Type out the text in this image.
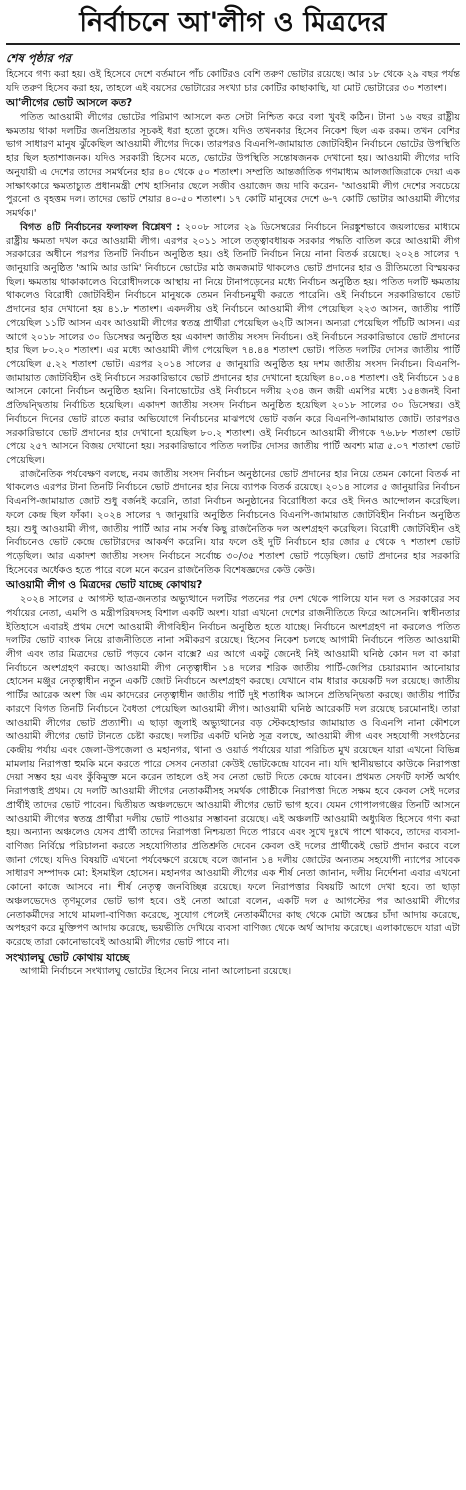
নির্বাচনে আ'লীগ ও মিত্রদের
শেষ পৃষ্ঠার পর

হিসেবে গণ্য করা হয়। ওই হিসেবে দেশে বর্তমানে পাঁচ কোটিরও বেশি তরুণ ভোটার রয়েছে। আর ১৮ থেকে ২৯ বছর পর্যন্ত যদি তরুণ হিসেব করা হয়, তাহলে এই বয়সের ভোটারের সংখ্যা চার কোটির কাছাকাছি, যা মোট ভোটারের ৩০ শতাংশ।

আ'লীগের ভোট আসলে কত?

পতিত আওয়ামী লীগের ভোটের পরিমাণ আসলে কত সেটা নিশ্চিত করে বলা খুবই কঠিন। টানা ১৬ বছর রাষ্ট্রীয় ক্ষমতায় থাকা দলটির জনপ্রিয়তার সূচকই ধরা হতো তুঙ্গে। যদিও তখনকার হিসেব নিকেশ ছিল এক রকম। তখন বেশির ভাগ সাধারণ মানুষ ঝুঁকেছিল আওয়ামী লীগের দিকে। তারপরও বিএনপি-জামায়াত জোটবিহীন নির্বাচনে ভোটের উপস্থিতি হার ছিল হতাশাজনক। যদিও সরকারী হিসেব মতে, ভোটের উপস্থিতি সন্তোষজনক দেখানো হয়। আওয়ামী লীগের দাবি অনুযায়ী এ দেশের তাদের সমর্থনের হার ৪০ থেকে ৫০ শতাংশ। সম্প্রতি আন্তর্জাতিক গণমাধ্যম আলজাজিরাকে দেয়া এক সাক্ষাৎকারে ক্ষমতাচ্যুত প্রধানমন্ত্রী শেখ হাসিনার ছেলে সজীব ওয়াজেদ জয় দাবি করেন- 'আওয়ামী লীগ দেশের সবচেয়ে পুরনো ও বৃহত্তম দল। তাদের ভোট শেয়ার ৪০-৫০ শতাংশ। ১৭ কোটি মানুষের দেশে ৬-৭ কোটি ভোটার আওয়ামী লীগের সমর্থক।'

বিগত ৪টি নির্বাচনের ফলাফল বিশ্লেষণ : ২০০৮ সালের ২৯ ডিসেম্বরের নির্বাচনে নিরঙ্কুশভাবে জয়লাভের মাধ্যমে রাষ্ট্রীয় ক্ষমতা দখল করে আওয়ামী লীগ। এরপর ২০১১ সালে তত্ত্বাবধায়ক সরকার পদ্ধতি বাতিল করে আওয়ামী লীগ সরকারের অধীনে পরপর তিনটি নির্বাচন অনুষ্ঠিত হয়। ওই তিনটি নির্বাচন নিয়ে নানা বিতর্ক রয়েছে। ২০২৪ সালের ৭ জানুয়ারি অনুষ্ঠিত 'আমি আর ডামি' নির্বাচনে ভোটের মাঠ জমজমাট থাকলেও ভোট প্রদানের হার ও রীতিমতো বিস্ময়কর ছিল। ক্ষমতায় থাকাকালেও বিরোধীদলকে আস্থায় না নিয়ে টানাপড়েনের মধ্যে নির্বাচন অনুষ্ঠিত হয়। পতিত দলটি ক্ষমতায় থাকলেও বিরোধী জোটবিহীন নির্বাচনে মানুষকে তেমন নির্বাচনমুখী করতে পারেনি। ওই নির্বাচনে সরকারিভাবে ভোট প্রদানের হার দেখানো হয় ৪১.৮ শতাংশ। একদলীয় ওই নির্বাচনে আওয়ামী লীগ পেয়েছিল ২২৩ আসন, জাতীয় পার্টি পেয়েছিল ১১টি আসন এবং আওয়ামী লীগের স্বতন্ত্র প্রার্থীরা পেয়েছিল ৬২টি আসন। অন্যরা পেয়েছিল পাঁচটি আসন। এর আগে ২০১৮ সালের ৩০ ডিসেম্বর অনুষ্ঠিত হয় একাদশ জাতীয় সংসদ নির্বাচন। ওই নির্বাচনে সরকারিভাবে ভোট প্রদানের হার ছিল ৮০.২০ শতাংশ। এর মধ্যে আওয়ামী লীগ পেয়েছিল ৭৪.৪৪ শতাংশ ভোট। পতিত দলটির দোসর জাতীয় পার্টি পেয়েছিল ৫.২২ শতাংশ ভোট। এরপর ২০১৪ সালের ৫ জানুয়ারি অনুষ্ঠিত হয় দশম জাতীয় সংসদ নির্বাচন। বিএনপি-জামায়াত জোটবিহীন ওই নির্বাচনে সরকারিভাবে ভোট প্রদানের হার দেখানো হয়েছিল ৪০.০৪ শতাংশ। ওই নির্বাচনে ১৫৪ আসনে কোনো নির্বাচন অনুষ্ঠিত হয়নি। বিনাভোটের ওই নির্বাচনে দলীয় ২৩৪ জন জয়ী এমপির মধ্যে ১৫৪জনই বিনা প্রতিদ্বন্দ্বিতায় নির্বাচিত হয়েছিল। একাদশ জাতীয় সংসদ নির্বাচন অনুষ্ঠিত হয়েছিল ২০১৮ সালের ৩০ ডিসেম্বর। ওই নির্বাচনে দিনের ভোট রাতে করার অভিযোগে নির্বাচনের মাঝপথে ভোট বর্জন করে বিএনপি-জামায়াত জোট। তারপরও সরকারিভাবে ভোট প্রদানের হার দেখানো হয়েছিল ৮০.২ শতাংশ। ওই নির্বাচনে আওয়ামী লীগকে ৭৬.৮৮ শতাংশ ভোট পেয়ে ২৫৭ আসনে বিজয় দেখানো হয়। সরকারিভাবে পতিত দলটির দোসর জাতীয় পার্টি অবশ্য মাত্র ৫.০৭ শতাংশ ভোট পেয়েছিল।

রাজনৈতিক পর্যবেক্ষণ বলছে, নবম জাতীয় সংসদ নির্বাচন অনুষ্ঠানের ভোট প্রদানের হার নিয়ে তেমন কোনো বিতর্ক না থাকলেও এরপর টানা তিনটি নির্বাচনে ভোট প্রদানের হার নিয়ে ব্যাপক বিতর্ক রয়েছে। ২০১৪ সালের ৫ জানুয়ারির নির্বাচন বিএনপি-জামায়াত জোট শুধু বর্জনই করেনি, তারা নির্বাচন অনুষ্ঠানের বিরোধিতা করে ওই দিনও আন্দোলন করেছিল। ফলে কেন্দ্র ছিল ফাঁকা। ২০২৪ সালের ৭ জানুয়ারি অনুষ্ঠিত নির্বাচনেও বিএনপি-জামায়াত জোটবিহীন নির্বাচন অনুষ্ঠিত হয়। শুধু আওয়ামী লীগ, জাতীয় পার্টি আর নাম সর্বস্ব কিছু রাজনৈতিক দল অংশগ্রহণ করেছিল। বিরোধী জোটবিহীন ওই নির্বাচনেও ভোট কেন্দ্রে ভোটারদের আকর্ষণ করেনি। যার ফলে ওই দুটি নির্বাচনে হার জোর ৫ থেকে ৭ শতাংশ ভোট পড়েছিল। আর একাদশ জাতীয় সংসদ নির্বাচনে সর্বোচ্চ ৩০/৩৫ শতাংশ ভোট পড়েছিল। ভোট প্রদানের হার সরকারি হিসেবের অর্ধেকও হতে পারে বলে মনে করেন রাজনৈতিক বিশেষজ্ঞদের কেউ কেউ।

আওয়ামী লীগ ও মিত্রদের ভোট যাচ্ছে কোথায়?

২০২৪ সালের ৫ আগস্ট ছাত্র-জনতার অভ্যুত্থানে দলটির পতনের পর দেশ থেকে পালিয়ে যান দল ও সরকারের সব পর্যায়ের নেতা, এমপি ও মন্ত্রীপরিষদসহ বিশাল একটি অংশ। যারা এখনো দেশের রাজনীতিতে ফিরে আসেননি। স্বাধীনতার ইতিহাসে এবারই প্রথম দেশে আওয়ামী লীগবিহীন নির্বাচন অনুষ্ঠিত হতে যাচ্ছে। নির্বাচনে অংশগ্রহণ না করলেও পতিত দলটির ভোট ব্যাংক নিয়ে রাজনীতিতে নানা সমীকরণ রয়েছে। হিসেব নিকেশ চলছে আগামী নির্বাচনে পতিত আওয়ামী লীগ এবং তার মিত্রদের ভোট পড়বে কোন বাক্সে? এর আগে একটু জেনেই নিই আওয়ামী ঘনিষ্ঠ কোন দল বা কারা নির্বাচনে অংশগ্রহণ করছে। আওয়ামী লীগ নেতৃত্বাধীন ১৪ দলের শরিক জাতীয় পার্টি-জেপির চেয়ারম্যান আনোয়ার হোসেন মঞ্জুর নেতৃত্বাধীন নতুন একটি জোট নির্বাচনে অংশগ্রহণ করছে। যেখানে বাম ধারার কয়েকটি দল রয়েছে। জাতীয় পার্টির আরেক অংশ জি এম কাদেরের নেতৃত্বাধীন জাতীয় পার্টি দুই শতাধিক আসনে প্রতিদ্বন্দ্বিতা করছে। জাতীয় পার্টির কারণে বিগত তিনটি নির্বাচনে বৈধতা পেয়েছিল আওয়ামী লীগ। আওয়ামী ঘনিষ্ঠ আরেকটি দল রয়েছে চরমোনাই। তারা আওয়ামী লীগের ভোট প্রত্যাশী। এ ছাড়া জুলাই অভ্যুত্থানের বড় স্টেকহোল্ডার জামায়াত ও বিএনপি নানা কৌশলে আওয়ামী লীগের ভোট টানতে চেষ্টা করছে। দলটির একটি ঘনিষ্ঠ সূত্র বলছে, আওয়ামী লীগ এবং সহযোগী সংগঠনের কেন্দ্রীয় পর্যায় এবং জেলা-উপজেলা ও মহানগর, থানা ও ওয়ার্ড পর্যায়ের যারা পরিচিত মুখ রয়েছেন যারা এখনো বিভিন্ন মামলায় নিরাপত্তা হুমকি মনে করতে পারে সেসব নেতারা কেউই ভোটকেন্দ্রে যাবেন না। যদি স্থানীয়ভাবে কাউকে নিরাপত্তা দেয়া সম্ভব হয় এবং কুঁকিমুক্ত মনে করেন তাহলে ওই সব নেতা ভোট দিতে কেন্দ্রে যাবেন। প্রথমত সেফটি ফার্স্ট অর্থাৎ নিরাপত্তাই প্রথম। যে দলটি আওয়ামী লীগের নেতাকর্মীসহ সমর্থক গোষ্ঠীকে নিরাপত্তা দিতে সক্ষম হবে কেবল সেই দলের প্রার্থীই তাদের ভোট পাবেন। দ্বিতীয়ত অঞ্চলভেদে আওয়ামী লীগের ভোট ভাগ হবে। যেমন গোপালগঞ্জের তিনটি আসনে আওয়ামী লীগের স্বতন্ত্র প্রার্থীরা দলীয় ভোট পাওয়ার সম্ভাবনা রয়েছে। এই অঞ্চলটি আওয়ামী অধ্যুষিত হিসেবে গণ্য করা হয়। অন্যান্য অঞ্চলেও যেসব প্রার্থী তাদের নিরাপত্তা নিশ্চয়তা দিতে পারবে এবং সুখে দুঃখে পাশে থাকবে, তাদের ব্যবসা-বাণিজ্য নির্বিঘ্নে পরিচালনা করতে সহযোগিতার প্রতিশ্রুতি দেবেন কেবল ওই দলের প্রার্থীকেই ভোট প্রদান করবে বলে জানা গেছে। যদিও বিষয়টি এখনো পর্যবেক্ষণে রয়েছে বলে জানান ১৪ দলীয় জোটের অন্যতম সহযোগী ন্যাপের সাবেক সাধারণ সম্পাদক মো: ইসমাইল হোসেন। মহানগর আওয়ামী লীগের এক শীর্ষ নেতা জানান, দলীয় নির্দেশনা এবার এখনো কোনো কাজে আসবে না। শীর্ষ নেতৃত্ব জনবিচ্ছিন্ন রয়েছে। ফলে নিরাপত্তার বিষয়টি আগে দেখা হবে। তা ছাড়া অঞ্চলভেদেও তৃণমূলের ভোট ভাগ হবে। ওই নেতা আরো বলেন, একটি দল ৫ আগস্টের পর আওয়ামী লীগের নেতাকর্মীদের সাথে মামলা-বাণিজ্য করেছে, সুযোগ পেলেই নেতাকর্মীদের কাছ থেকে মোটা অঙ্কের চাঁদা আদায় করেছে, অপহরণ করে মুক্তিপণ আদায় করেছে, ভয়ভীতি দেখিয়ে ব্যবসা বাণিজ্য থেকে অর্থ আদায় করেছে। এলাকাভেদে যারা এটা করেছে তারা কোনোভাবেই আওয়ামী লীগের ভোট পাবে না।

সংখ্যালঘু ভোট কোথায় যাচ্ছে

আগামী নির্বাচনে সংখ্যালঘু ভোটের হিসেব নিয়ে নানা আলোচনা রয়েছে।
